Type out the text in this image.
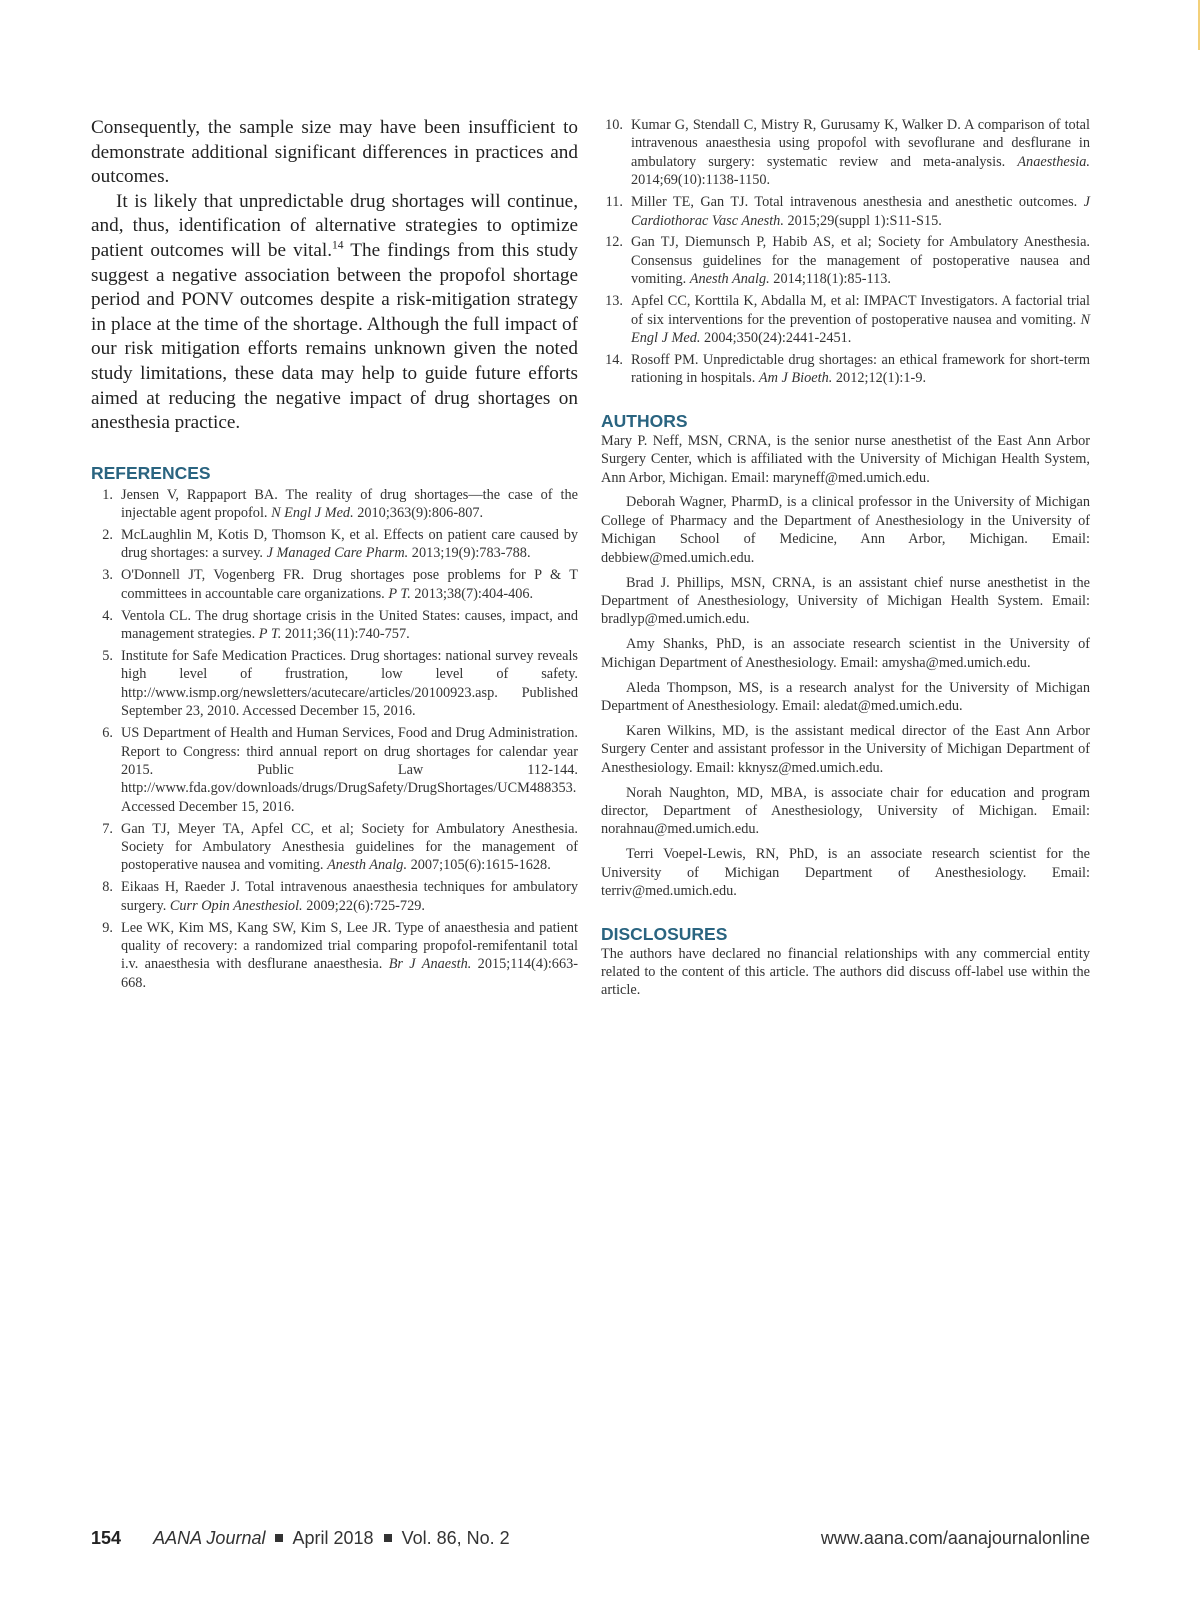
Consequently, the sample size may have been insufficient to demonstrate additional significant differences in practices and outcomes.

It is likely that unpredictable drug shortages will continue, and, thus, identification of alternative strategies to optimize patient outcomes will be vital.$^{14}$ The findings from this study suggest a negative association between the propofol shortage period and PONV outcomes despite a risk-mitigation strategy in place at the time of the shortage. Although the full impact of our risk mitigation efforts remains unknown given the noted study limitations, these data may help to guide future efforts aimed at reducing the negative impact of drug shortages on anesthesia practice.

REFERENCES
1. Jensen V, Rappaport BA. The reality of drug shortages—the case of the injectable agent propofol. N Engl J Med. 2010;363(9):806-807.
2. McLaughlin M, Kotis D, Thomson K, et al. Effects on patient care caused by drug shortages: a survey. J Managed Care Pharm. 2013;19(9):783-788.
3. O'Donnell JT, Vogenberg FR. Drug shortages pose problems for P & T committees in accountable care organizations. P T. 2013;38(7):404-406.
4. Ventola CL. The drug shortage crisis in the United States: causes, impact, and management strategies. P T. 2011;36(11):740-757.
5. Institute for Safe Medication Practices. Drug shortages: national survey reveals high level of frustration, low level of safety. http://www.ismp.org/newsletters/acutecare/articles/20100923.asp. Published September 23, 2010. Accessed December 15, 2016.
6. US Department of Health and Human Services, Food and Drug Administration. Report to Congress: third annual report on drug shortages for calendar year 2015. Public Law 112-144. http://www.fda.gov/downloads/drugs/DrugSafety/DrugShortages/UCM488353. Accessed December 15, 2016.
7. Gan TJ, Meyer TA, Apfel CC, et al; Society for Ambulatory Anesthesia. Society for Ambulatory Anesthesia guidelines for the management of postoperative nausea and vomiting. Anesth Analg. 2007;105(6):1615-1628.
8. Eikaas H, Raeder J. Total intravenous anaesthesia techniques for ambulatory surgery. Curr Opin Anesthesiol. 2009;22(6):725-729.
9. Lee WK, Kim MS, Kang SW, Kim S, Lee JR. Type of anaesthesia and patient quality of recovery: a randomized trial comparing propofol-remifentanil total i.v. anaesthesia with desflurane anaesthesia. Br J Anaesth. 2015;114(4):663-668.
10. Kumar G, Stendall C, Mistry R, Gurusamy K, Walker D. A comparison of total intravenous anaesthesia using propofol with sevoflurane and desflurane in ambulatory surgery: systematic review and meta-analysis. Anaesthesia. 2014;69(10):1138-1150.
11. Miller TE, Gan TJ. Total intravenous anesthesia and anesthetic outcomes. J Cardiothorac Vasc Anesth. 2015;29(suppl 1):S11-S15.
12. Gan TJ, Diemunsch P, Habib AS, et al; Society for Ambulatory Anesthesia. Consensus guidelines for the management of postoperative nausea and vomiting. Anesth Analg. 2014;118(1):85-113.
13. Apfel CC, Korttila K, Abdalla M, et al: IMPACT Investigators. A factorial trial of six interventions for the prevention of postoperative nausea and vomiting. N Engl J Med. 2004;350(24):2441-2451.
14. Rosoff PM. Unpredictable drug shortages: an ethical framework for short-term rationing in hospitals. Am J Bioeth. 2012;12(1):1-9.
AUTHORS

Mary P. Neff, MSN, CRNA, is the senior nurse anesthetist of the East Ann Arbor Surgery Center, which is affiliated with the University of Michigan Health System, Ann Arbor, Michigan. Email: maryneff@med.umich.edu.

Deborah Wagner, PharmD, is a clinical professor in the University of Michigan College of Pharmacy and the Department of Anesthesiology in the University of Michigan School of Medicine, Ann Arbor, Michigan. Email: debbiew@med.umich.edu.

Brad J. Phillips, MSN, CRNA, is an assistant chief nurse anesthetist in the Department of Anesthesiology, University of Michigan Health System. Email: bradlyp@med.umich.edu.

Amy Shanks, PhD, is an associate research scientist in the University of Michigan Department of Anesthesiology. Email: amysha@med.umich.edu.

Aleda Thompson, MS, is a research analyst for the University of Michigan Department of Anesthesiology. Email: aledat@med.umich.edu.

Karen Wilkins, MD, is the assistant medical director of the East Ann Arbor Surgery Center and assistant professor in the University of Michigan Department of Anesthesiology. Email: kknysz@med.umich.edu.

Norah Naughton, MD, MBA, is associate chair for education and program director, Department of Anesthesiology, University of Michigan. Email: norahnau@med.umich.edu.

Terri Voepel-Lewis, RN, PhD, is an associate research scientist for the University of Michigan Department of Anesthesiology. Email: terriv@med.umich.edu.

DISCLOSURES

The authors have declared no financial relationships with any commercial entity related to the content of this article. The authors did discuss off-label use within the article.

154 AANA Journal April 2018 Vol. 86, No. 2	www.aana.com/aanajournalonline
